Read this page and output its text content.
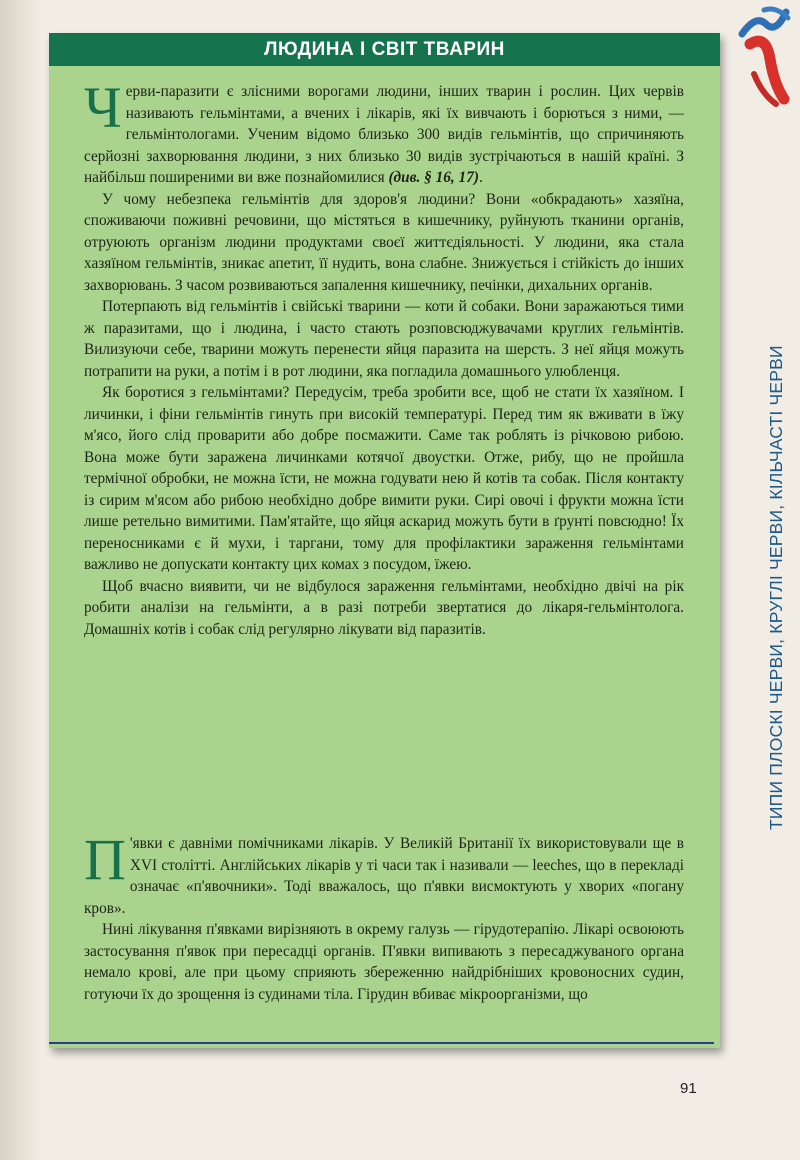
ЛЮДИНА І СВІТ ТВАРИН

Черви-паразити є злісними ворогами людини, інших тварин і рослин. Цих червів називають гельмінтами, а вчених і лікарів, які їх вивчають і борються з ними, — гельмінтологами. Ученим відомо близько 300 видів гельмінтів, що спричиняють серйозні захворювання людини, з них близько 30 видів зустрічаються в нашій країні. З найбільш поширеними ви вже познайомилися (див. § 16, 17).

У чому небезпека гельмінтів для здоров'я людини? Вони «обкрадають» хазяїна, споживаючи поживні речовини, що містяться в кишечнику, руйнують тканини органів, отруюють організм людини продуктами своєї життєдіяльності. У людини, яка стала хазяїном гельмінтів, зникає апетит, її нудить, вона слабне. Знижується і стійкість до інших захворювань. З часом розвиваються запалення кишечнику, печінки, дихальних органів.

Потерпають від гельмінтів і свійські тварини — коти й собаки. Вони заражаються тими ж паразитами, що і людина, і часто стають розповсюджувачами круглих гельмінтів. Вилизуючи себе, тварини можуть перенести яйця паразита на шерсть. З неї яйця можуть потрапити на руки, а потім і в рот людини, яка погладила домашнього улюбленця.

Як боротися з гельмінтами? Передусім, треба зробити все, щоб не стати їх хазяїном. І личинки, і фіни гельмінтів гинуть при високій температурі. Перед тим як вживати в їжу м'ясо, його слід проварити або добре посмажити. Саме так роблять із річковою рибою. Вона може бути заражена личинками котячої двоустки. Отже, рибу, що не пройшла термічної обробки, не можна їсти, не можна годувати нею й котів та собак. Після контакту із сирим м'ясом або рибою необхідно добре вимити руки. Сирі овочі і фрукти можна їсти лише ретельно вимитими. Пам'ятайте, що яйця аскарид можуть бути в ґрунті повсюдно! Їх переносниками є й мухи, і таргани, тому для профілактики зараження гельмінтами важливо не допускати контакту цих комах з посудом, їжею.

Щоб вчасно виявити, чи не відбулося зараження гельмінтами, необхідно двічі на рік робити аналізи на гельмінти, а в разі потреби звертатися до лікаря-гельмінтолога. Домашніх котів і собак слід регулярно лікувати від паразитів.

П 'явки є давніми помічниками лікарів. У Великій Британії їх використовували ще в XVI столітті. Англійських лікарів у ті часи так і називали — leeches, що в перекладі означає «п'явочники». Тоді вважалось, що п'явки висмоктують у хворих «погану кров».

Нині лікування п'явками вирізняють в окрему галузь — гірудотерапію. Лікарі освоюють застосування п'явок при пересадці органів. П'явки випивають з пересаджуваного органа немало крові, але при цьому сприяють збереженню найдрібніших кровоносних судин, готуючи їх до зрощення із судинами тіла. Гірудин вбиває мікроорганізми, що

ТИПИ ПЛОСКІ ЧЕРВИ, КРУГЛІ ЧЕРВИ, КІЛЬЧАСТІ ЧЕРВИ
91
